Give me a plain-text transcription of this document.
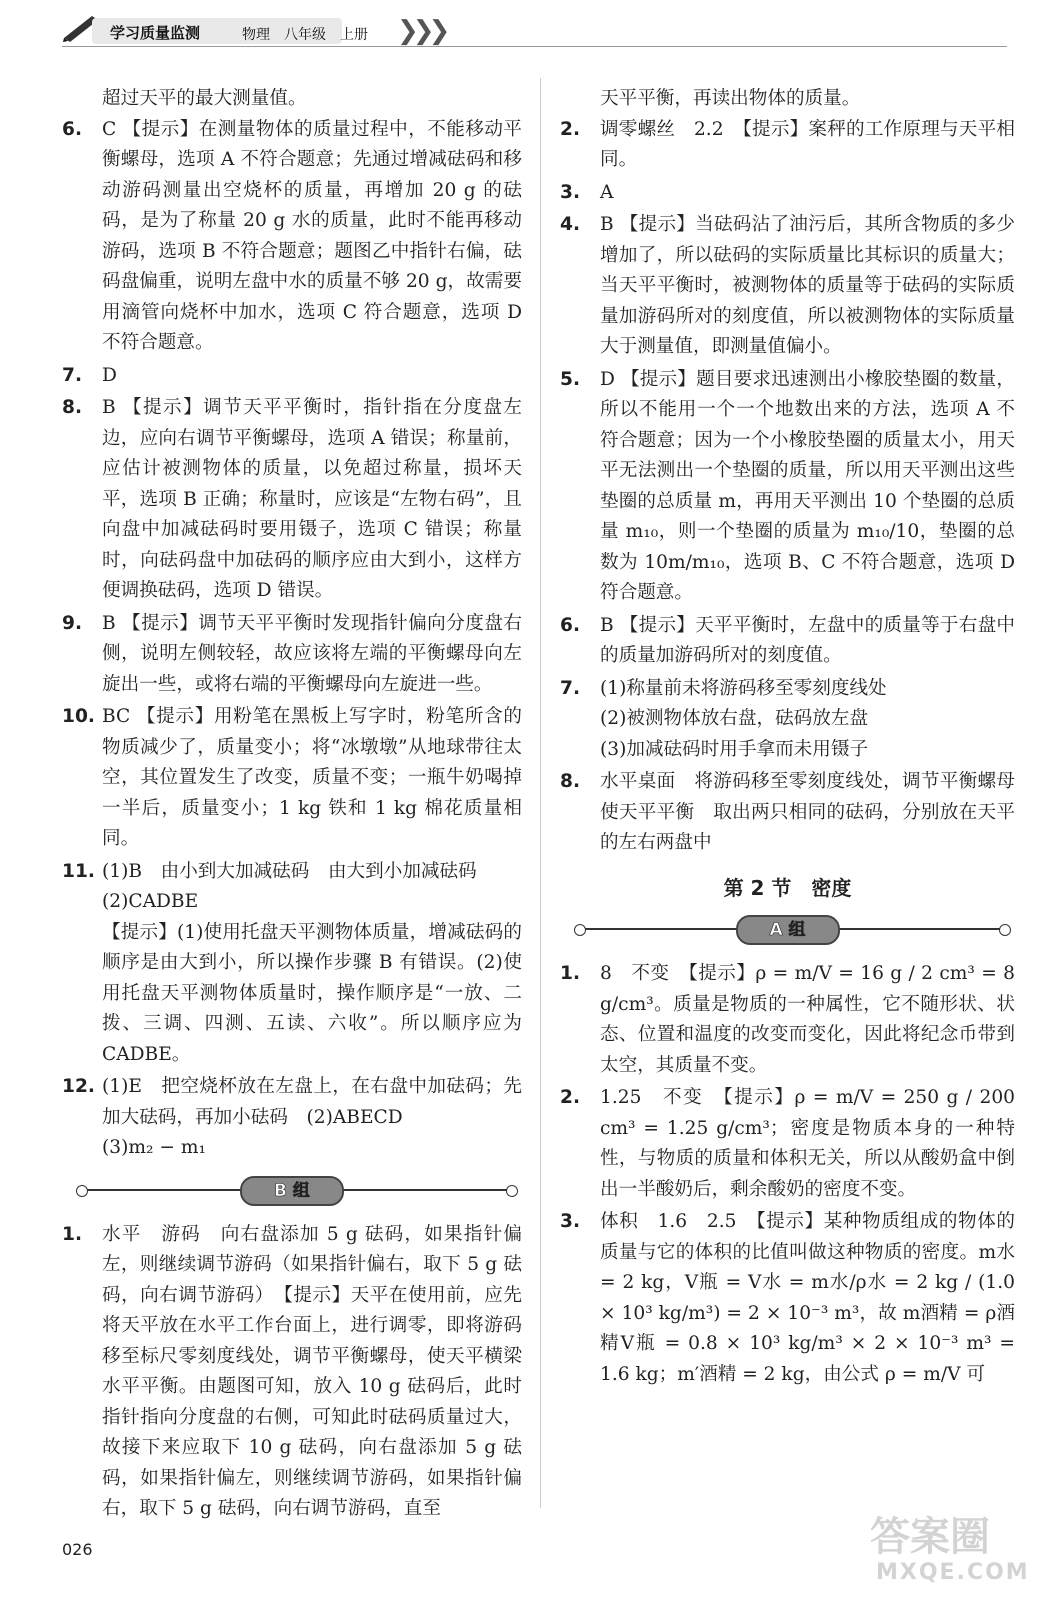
学习质量监测	物理　八年级　上册 ❯❯❯
超过天平的最大测量值。
6. C 【提示】在测量物体的质量过程中，不能移动平衡螺母，选项 A 不符合题意；先通过增减砝码和移动游码测量出空烧杯的质量，再增加 20 g 的砝码，是为了称量 20 g 水的质量，此时不能再移动游码，选项 B 不符合题意；题图乙中指针右偏，砝码盘偏重，说明左盘中水的质量不够 20 g，故需要用滴管向烧杯中加水，选项 C 符合题意，选项 D 不符合题意。
7. D
8. B 【提示】调节天平平衡时，指针指在分度盘左边，应向右调节平衡螺母，选项 A 错误；称量前，应估计被测物体的质量，以免超过称量，损坏天平，选项 B 正确；称量时，应该是“左物右码”，且向盘中加减砝码时要用镊子，选项 C 错误；称量时，向砝码盘中加砝码的顺序应由大到小，这样方便调换砝码，选项 D 错误。
9. B 【提示】调节天平平衡时发现指针偏向分度盘右侧，说明左侧较轻，故应该将左端的平衡螺母向左旋出一些，或将右端的平衡螺母向左旋进一些。
10. BC 【提示】用粉笔在黑板上写字时，粉笔所含的物质减少了，质量变小；将“冰墩墩”从地球带往太空，其位置发生了改变，质量不变；一瓶牛奶喝掉一半后，质量变小；1 kg 铁和 1 kg 棉花质量相同。
11. (1)B　由小到大加减砝码　由大到小加减砝码
(2)CADBE
【提示】(1)使用托盘天平测物体质量，增减砝码的顺序是由大到小，所以操作步骤 B 有错误。(2)使用托盘天平测物体质量时，操作顺序是“一放、二拨、三调、四测、五读、六收”。所以顺序应为 CADBE。
12. (1)E　把空烧杯放在左盘上，在右盘中加砝码；先加大砝码，再加小砝码　(2)ABECD
(3)m₂ − m₁
B 组
1. 水平　游码　向右盘添加 5 g 砝码，如果指针偏左，则继续调节游码（如果指针偏右，取下 5 g 砝码，向右调节游码）　【提示】天平在使用前，应先将天平放在水平工作台面上，进行调零，即将游码移至标尺零刻度线处，调节平衡螺母，使天平横梁水平平衡。由题图可知，放入 10 g 砝码后，此时指针指向分度盘的右侧，可知此时砝码质量过大，故接下来应取下 10 g 砝码，向右盘添加 5 g 砝码，如果指针偏左，则继续调节游码，如果指针偏右，取下 5 g 砝码，向右调节游码，直至
天平平衡，再读出物体的质量。
2. 调零螺丝　2.2　【提示】案秤的工作原理与天平相同。
3. A
4. B 【提示】当砝码沾了油污后，其所含物质的多少增加了，所以砝码的实际质量比其标识的质量大；当天平平衡时，被测物体的质量等于砝码的实际质量加游码所对的刻度值，所以被测物体的实际质量大于测量值，即测量值偏小。
5. D 【提示】题目要求迅速测出小橡胶垫圈的数量，所以不能用一个一个地数出来的方法，选项 A 不符合题意；因为一个小橡胶垫圈的质量太小，用天平无法测出一个垫圈的质量，所以用天平测出这些垫圈的总质量 m，再用天平测出 10 个垫圈的总质量 m₁₀，则一个垫圈的质量为 m₁₀/10，垫圈的总数为 10m/m₁₀，选项 B、C 不符合题意，选项 D 符合题意。
6. B 【提示】天平平衡时，左盘中的质量等于右盘中的质量加游码所对的刻度值。
7. (1)称量前未将游码移至零刻度线处
(2)被测物体放右盘，砝码放左盘
(3)加减砝码时用手拿而未用镊子
8. 水平桌面　将游码移至零刻度线处，调节平衡螺母使天平平衡　取出两只相同的砝码，分别放在天平的左右两盘中
第 2 节　密度
A 组
1. 8　不变　【提示】ρ = m/V = 16 g / 2 cm³ = 8 g/cm³。质量是物质的一种属性，它不随形状、状态、位置和温度的改变而变化，因此将纪念币带到太空，其质量不变。
2. 1.25　不变　【提示】ρ = m/V = 250 g / 200 cm³ = 1.25 g/cm³；密度是物质本身的一种特性，与物质的质量和体积无关，所以从酸奶盒中倒出一半酸奶后，剩余酸奶的密度不变。
3. 体积　1.6　2.5　【提示】某种物质组成的物体的质量与它的体积的比值叫做这种物质的密度。m水 = 2 kg，V瓶 = V水 = m水/ρ水 = 2 kg / (1.0 × 10³ kg/m³) = 2 × 10⁻³ m³，故 m酒精 = ρ酒精V瓶 = 0.8 × 10³ kg/m³ × 2 × 10⁻³ m³ = 1.6 kg；m′酒精 = 2 kg，由公式 ρ = m/V 可
026	答案圈
MXQE.COM
